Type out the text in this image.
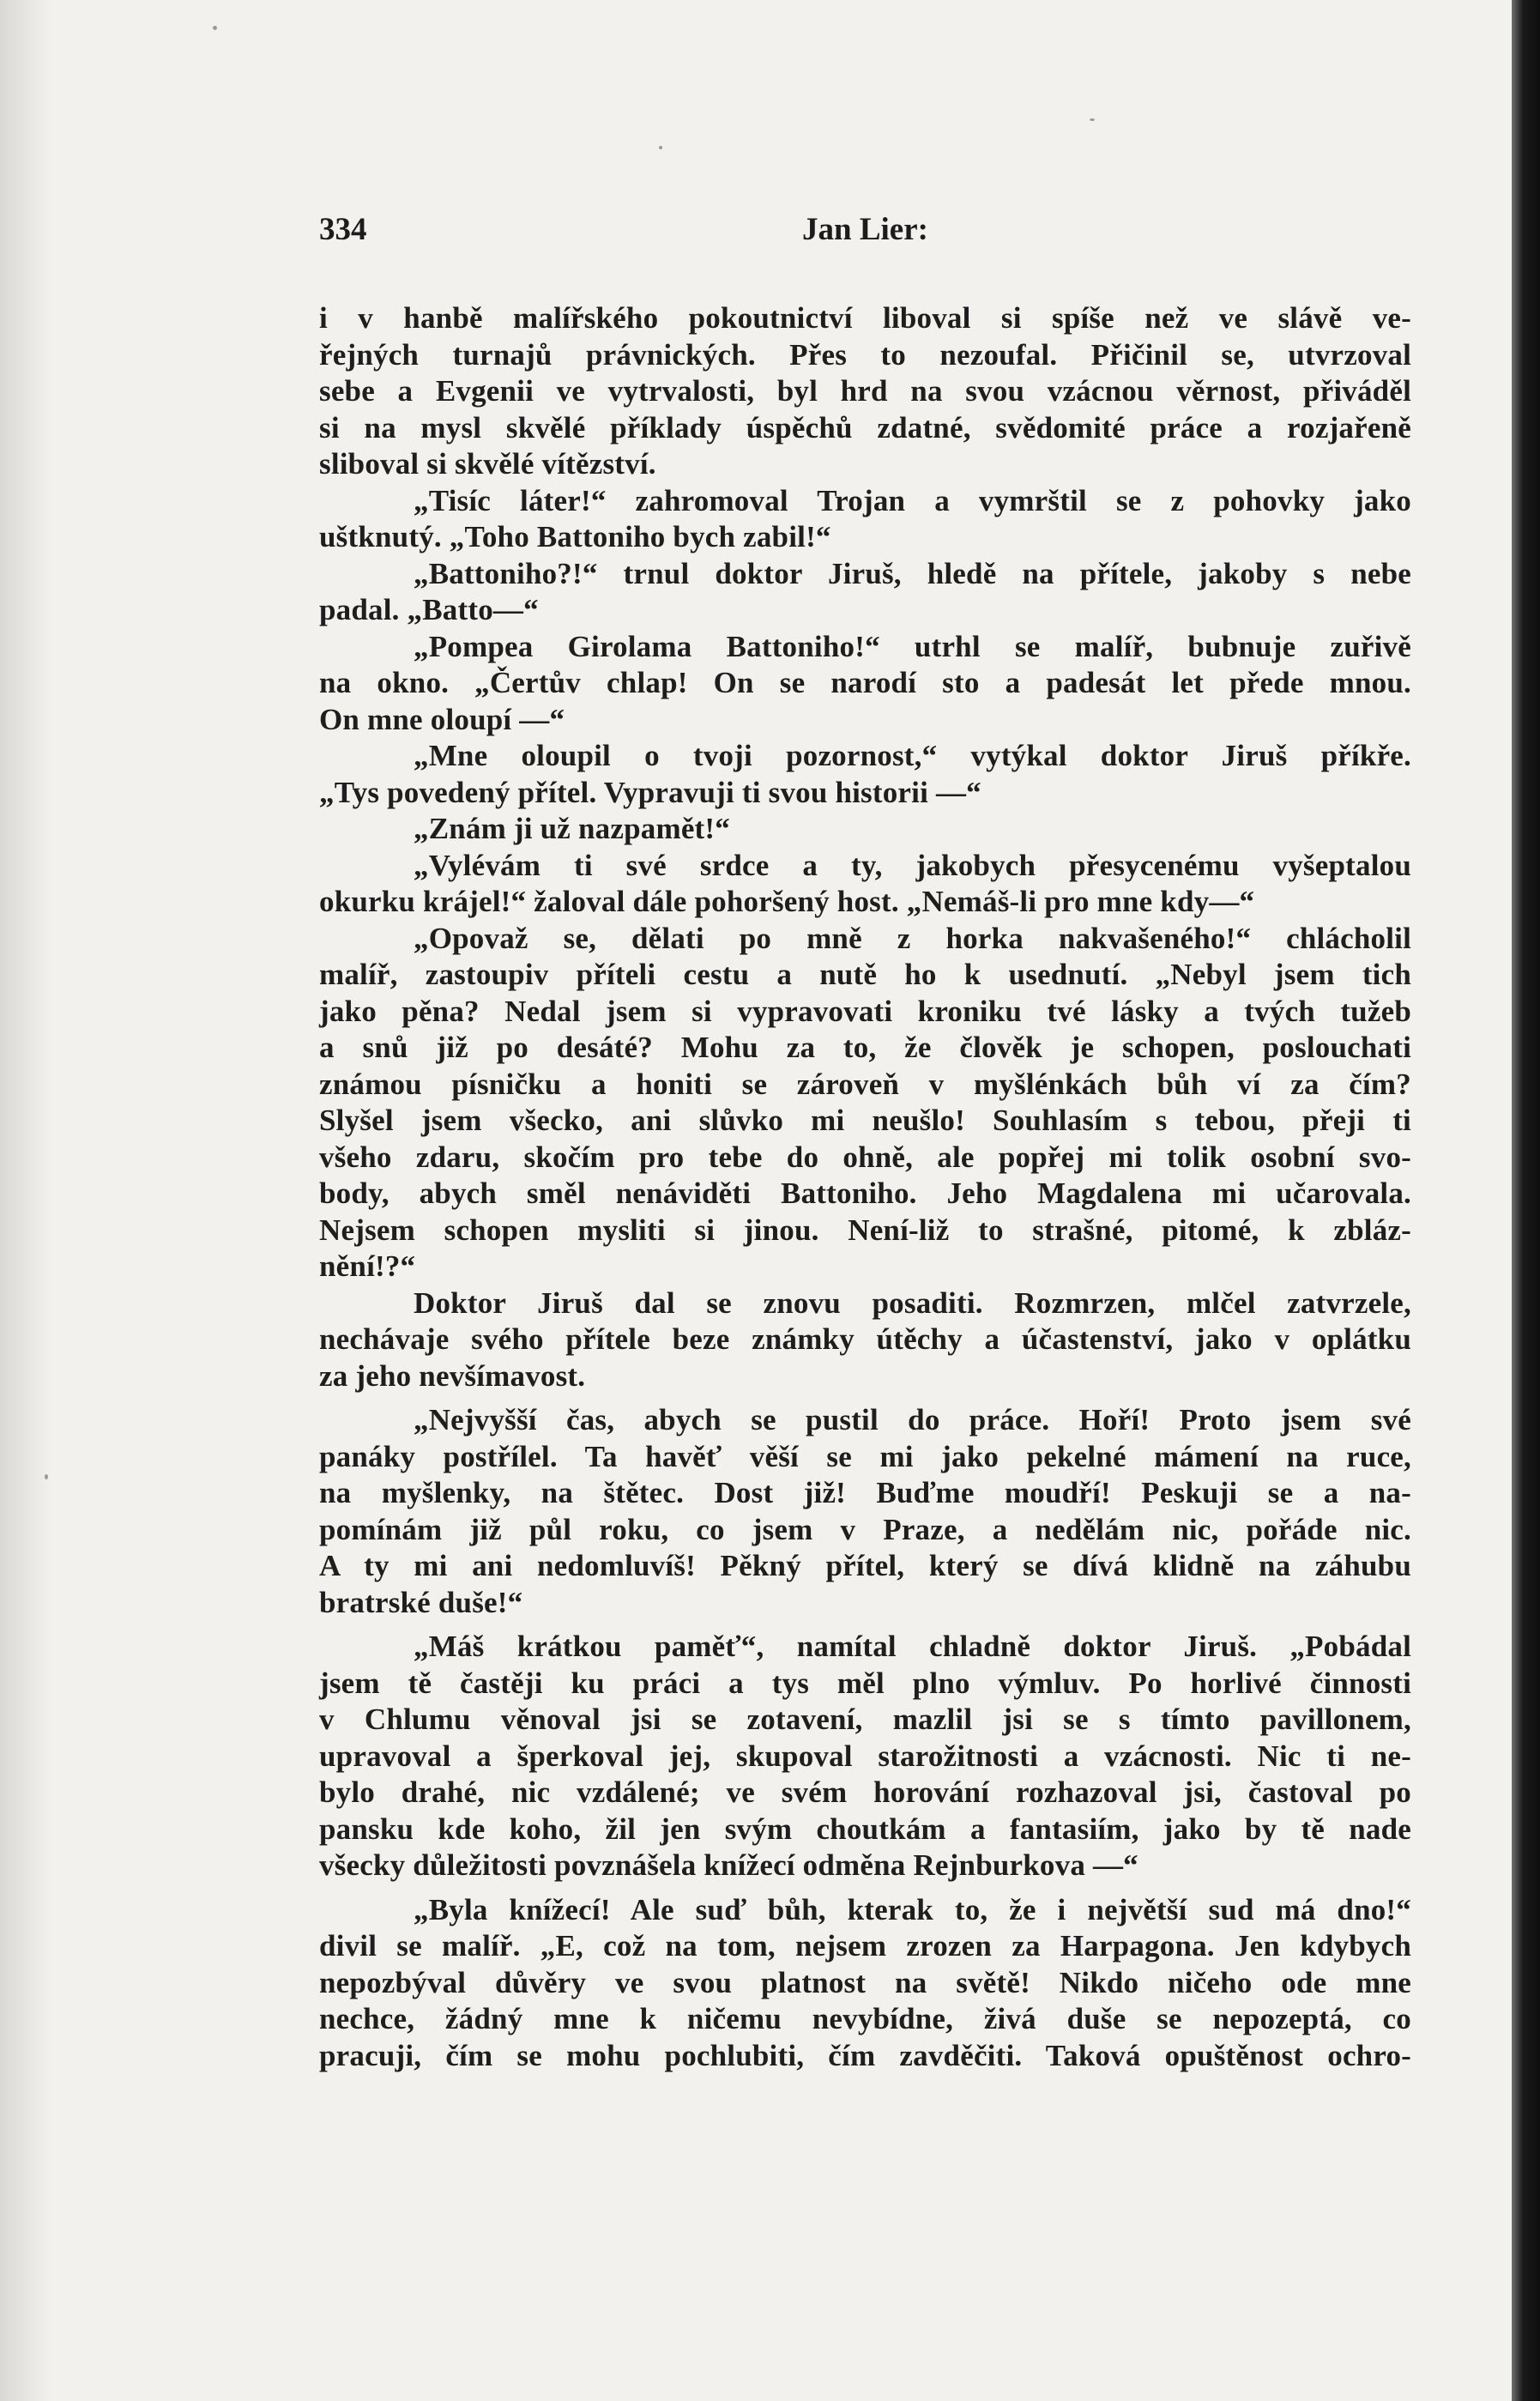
334	Jan Lier:
i v hanbě malířského pokoutnictví liboval si spíše než ve slávě ve-
řejných turnajů právnických. Přes to nezoufal. Přičinil se, utvrzoval
sebe a Evgenii ve vytrvalosti, byl hrd na svou vzácnou věrnost, přiváděl
si na mysl skvělé příklady úspěchů zdatné, svědomité práce a rozjařeně
sliboval si skvělé vítězství.
„Tisíc láter!“ zahromoval Trojan a vymrštil se z pohovky jako
uštknutý. „Toho Battoniho bych zabil!“
„Battoniho?!“ trnul doktor Jiruš, hledě na přítele, jakoby s nebe
padal. „Batto—“
„Pompea Girolama Battoniho!“ utrhl se malíř, bubnuje zuřivě
na okno. „Čertův chlap! On se narodí sto a padesát let přede mnou.
On mne oloupí —“
„Mne oloupil o tvoji pozornost,“ vytýkal doktor Jiruš příkře.
„Tys povedený přítel. Vypravuji ti svou historii —“
„Znám ji už nazpamět!“
„Vylévám ti své srdce a ty, jakobych přesycenému vyšeptalou
okurku krájel!“ žaloval dále pohoršený host. „Nemáš-li pro mne kdy—“
„Opovaž se, dělati po mně z horka nakvašeného!“ chlácholil
malíř, zastoupiv příteli cestu a nutě ho k usednutí. „Nebyl jsem tich
jako pěna? Nedal jsem si vypravovati kroniku tvé lásky a tvých tužeb
a snů již po desáté? Mohu za to, že člověk je schopen, poslouchati
známou písničku a honiti se zároveň v myšlénkách bůh ví za čím?
Slyšel jsem všecko, ani slůvko mi neušlo! Souhlasím s tebou, přeji ti
všeho zdaru, skočím pro tebe do ohně, ale popřej mi tolik osobní svo-
body, abych směl nenáviděti Battoniho. Jeho Magdalena mi učarovala.
Nejsem schopen mysliti si jinou. Není-liž to strašné, pitomé, k zbláz-
nění!?“
Doktor Jiruš dal se znovu posaditi. Rozmrzen, mlčel zatvrzele,
nechávaje svého přítele beze známky útěchy a účastenství, jako v oplátku
za jeho nevšímavost.
„Nejvyšší čas, abych se pustil do práce. Hoří! Proto jsem své
panáky postřílel. Ta havěť věší se mi jako pekelné mámení na ruce,
na myšlenky, na štětec. Dost již! Buďme moudří! Peskuji se a na-
pomínám již půl roku, co jsem v Praze, a nedělám nic, pořáde nic.
A ty mi ani nedomluvíš! Pěkný přítel, který se dívá klidně na záhubu
bratrské duše!“
„Máš krátkou paměť“, namítal chladně doktor Jiruš. „Pobádal
jsem tě častěji ku práci a tys měl plno výmluv. Po horlivé činnosti
v Chlumu věnoval jsi se zotavení, mazlil jsi se s tímto pavillonem,
upravoval a šperkoval jej, skupoval starožitnosti a vzácnosti. Nic ti ne-
bylo drahé, nic vzdálené; ve svém horování rozhazoval jsi, častoval po
pansku kde koho, žil jen svým choutkám a fantasiím, jako by tě nade
všecky důležitosti povznášela knížecí odměna Rejnburkova —“
„Byla knížecí! Ale suď bůh, kterak to, že i největší sud má dno!“
divil se malíř. „E, což na tom, nejsem zrozen za Harpagona. Jen kdybych
nepozbýval důvěry ve svou platnost na světě! Nikdo ničeho ode mne
nechce, žádný mne k ničemu nevybídne, živá duše se nepozeptá, co
pracuji, čím se mohu pochlubiti, čím zavděčiti. Taková opuštěnost ochro-
